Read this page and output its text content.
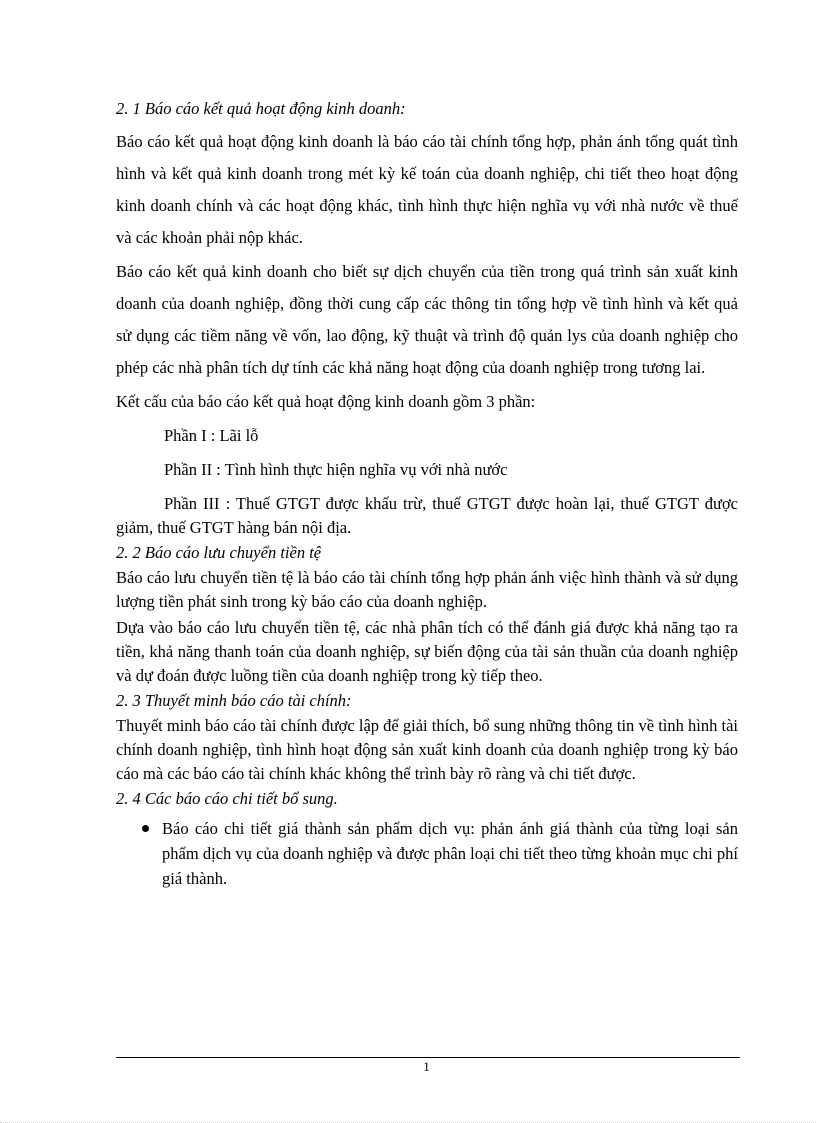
2. 1 Báo cáo kết quả hoạt động kinh doanh:

Báo cáo kết quả hoạt động kinh doanh là báo cáo tài chính tổng hợp, phản ánh tổng quát tình hình và kết quả kinh doanh trong mét kỳ kế toán của doanh nghiệp, chi tiết theo hoạt động kinh doanh chính và các hoạt động khác, tình hình thực hiện nghĩa vụ với nhà nước về thuế và các khoản phải nộp khác.

Báo cáo kết quả kinh doanh cho biết sự dịch chuyển của tiền trong quá trình sản xuất kinh doanh của doanh nghiệp, đồng thời cung cấp các thông tin tổng hợp về tình hình và kết quả sử dụng các tiềm năng về vốn, lao động, kỹ thuật và trình độ quản lys của doanh nghiệp cho phép các nhà phân tích dự tính các khả năng hoạt động của doanh nghiệp trong tương lai.

Kết cấu của báo cáo kết quả hoạt động kinh doanh gồm 3 phần:

Phần I : Lãi lỗ

Phần II : Tình hình thực hiện nghĩa vụ với nhà nước

Phần III : Thuế GTGT được khấu trừ, thuế GTGT được hoàn lại, thuế GTGT được giảm, thuế GTGT hàng bán nội địa.

2. 2 Báo cáo lưu chuyển tiền tệ

Báo cáo lưu chuyển tiền tệ là báo cáo tài chính tổng hợp phản ánh việc hình thành và sử dụng lượng tiền phát sinh trong kỳ báo cáo của doanh nghiệp.

Dựa vào báo cáo lưu chuyển tiền tệ, các nhà phân tích có thể đánh giá được khả năng tạo ra tiền, khả năng thanh toán của doanh nghiệp, sự biến động của tài sản thuần của doanh nghiệp và dự đoán được luồng tiền của doanh nghiệp trong kỳ tiếp theo.

2. 3 Thuyết minh báo cáo tài chính:

Thuyết minh báo cáo tài chính được lập để giải thích, bổ sung những thông tin về tình hình tài chính doanh nghiệp, tình hình hoạt động sản xuất kinh doanh của doanh nghiệp trong kỳ báo cáo mà các báo cáo tài chính khác không thể trình bày rõ ràng và chi tiết được.

2. 4 Các báo cáo chi tiết bổ sung.
Báo cáo chi tiết giá thành sản phẩm dịch vụ: phản ánh giá thành của từng loại sản phẩm dịch vụ của doanh nghiệp và được phân loại chi tiết theo từng khoản mục chi phí giá thành.
1
